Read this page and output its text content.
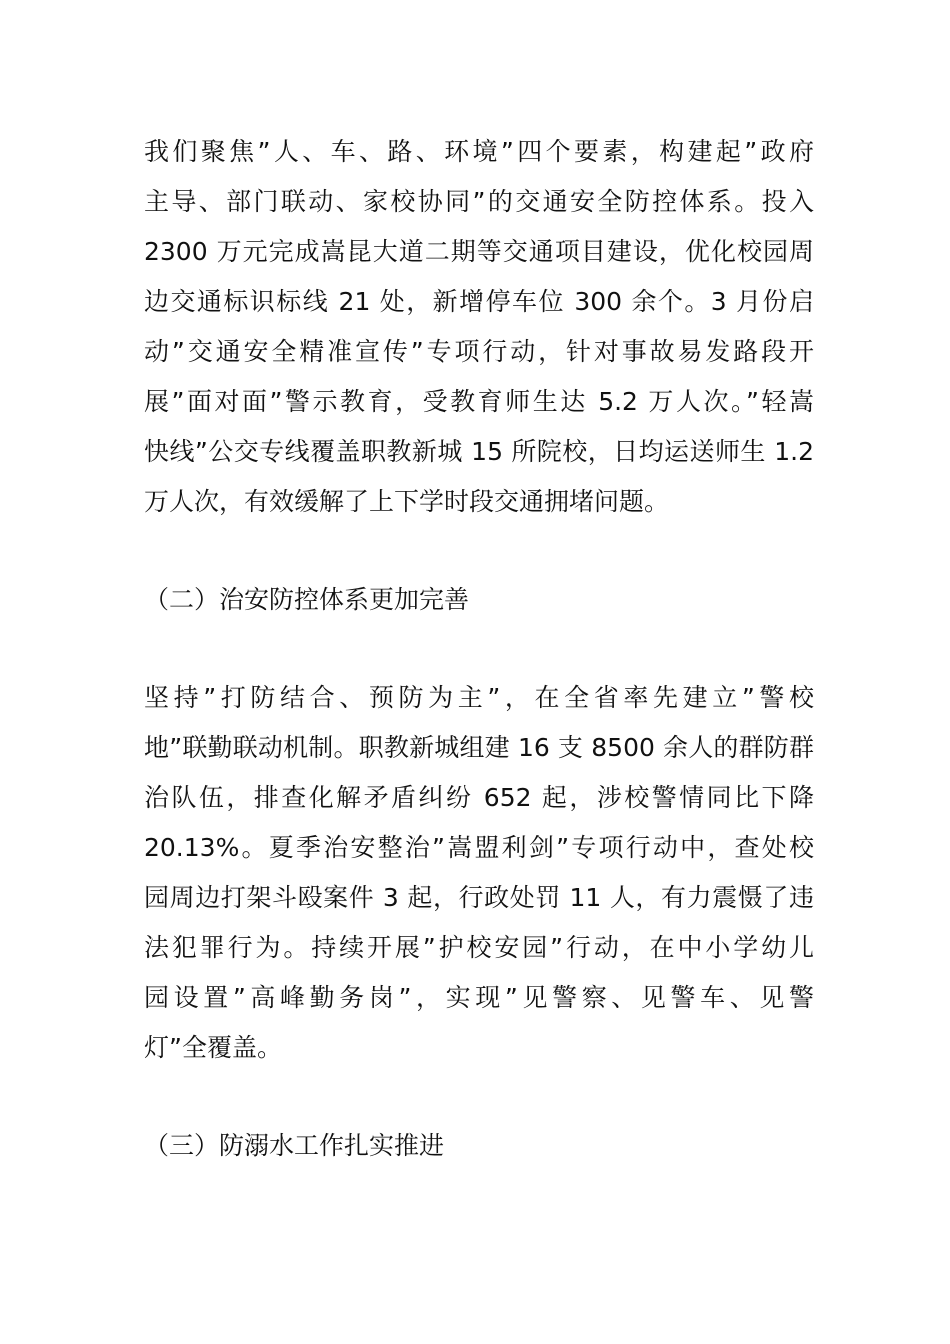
我们聚焦”人、车、路、环境”四个要素，构建起”政府
主导、部门联动、家校协同”的交通安全防控体系。投入
2300 万元完成嵩昆大道二期等交通项目建设，优化校园周
边交通标识标线 21 处，新增停车位 300 余个。3 月份启
动”交通安全精准宣传”专项行动，针对事故易发路段开
展”面对面”警示教育，受教育师生达 5.2 万人次。”轻嵩
快线”公交专线覆盖职教新城 15 所院校，日均运送师生 1.2
万人次，有效缓解了上下学时段交通拥堵问题。
（二）治安防控体系更加完善
坚持”打防结合、预防为主”，在全省率先建立”警校
地”联勤联动机制。职教新城组建 16 支 8500 余人的群防群
治队伍，排查化解矛盾纠纷 652 起，涉校警情同比下降
20.13%。夏季治安整治”嵩盟利剑”专项行动中，查处校
园周边打架斗殴案件 3 起，行政处罚 11 人，有力震慑了违
法犯罪行为。持续开展”护校安园”行动，在中小学幼儿
园设置”高峰勤务岗”，实现”见警察、见警车、见警
灯”全覆盖。
（三）防溺水工作扎实推进
